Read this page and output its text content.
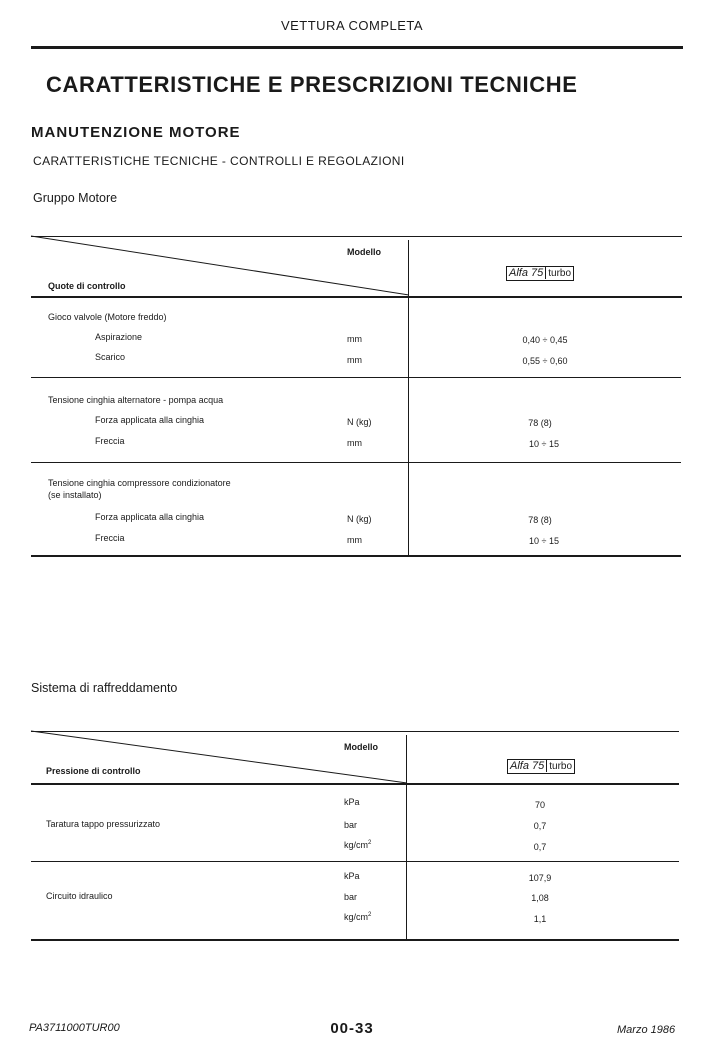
VETTURA COMPLETA
CARATTERISTICHE E PRESCRIZIONI TECNICHE
MANUTENZIONE MOTORE
CARATTERISTICHE TECNICHE - CONTROLLI E REGOLAZIONI
Gruppo Motore
Modello
Quote di controllo
Alfa 75 turbo
Gioco valvole (Motore freddo)
Aspirazione	mm	0,40 ÷ 0,45
Scarico	mm	0,55 ÷ 0,60
Tensione cinghia alternatore - pompa acqua
Forza applicata alla cinghia	N (kg)	78 (8)
Freccia	mm	10 ÷ 15
Tensione cinghia compressore condizionatore
(se installato)
Forza applicata alla cinghia	N (kg)	78 (8)
Freccia	mm	10 ÷ 15
Sistema di raffreddamento
Modello
Pressione di controllo	Alfa 75 turbo
kPa	70
Taratura tappo pressurizzato	bar	0,7
$kg/cm^2$	0,7
kPa	107,9
Circuito idraulico	bar	1,08
$kg/cm^2$	1,1
PA3711000TUR00	00-33	Marzo 1986
